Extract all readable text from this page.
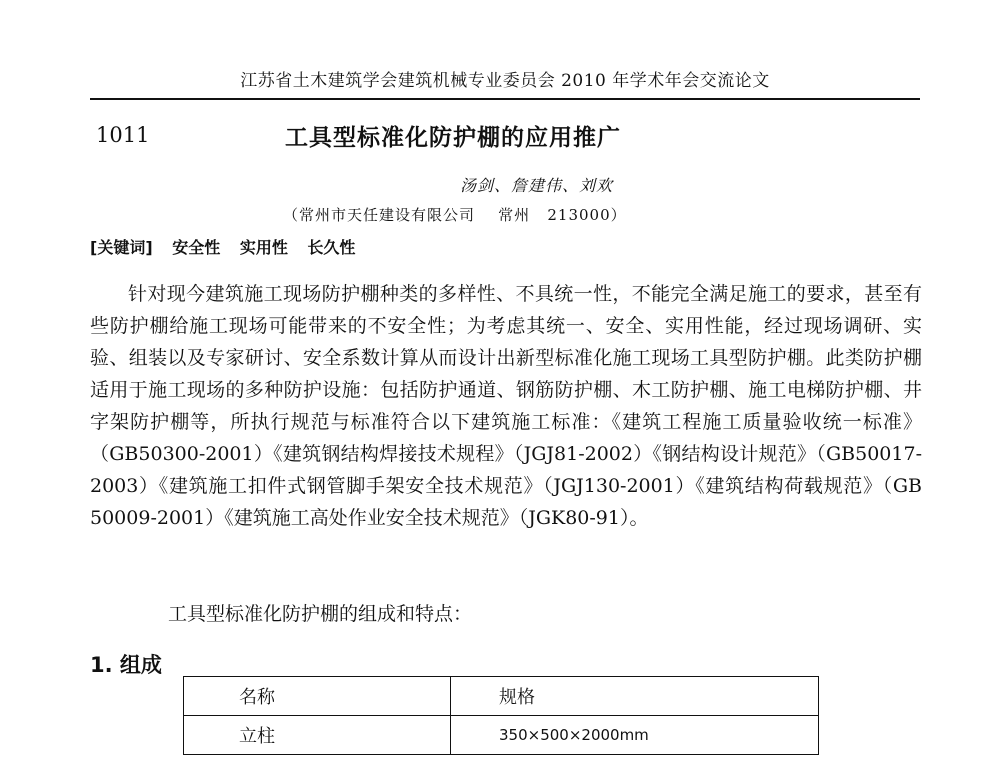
江苏省土木建筑学会建筑机械专业委员会 2010 年学术年会交流论文
1011	工具型标准化防护棚的应用推广
汤剑、詹建伟、刘欢
（常州市天任建设有限公司    常州   213000）
[关键词] 安全性 实用性 长久性
针对现今建筑施工现场防护棚种类的多样性、不具统一性，不能完全满足施工的要求，甚至有些防护棚给施工现场可能带来的不安全性；为考虑其统一、安全、实用性能，经过现场调研、实验、组装以及专家研讨、安全系数计算从而设计出新型标准化施工现场工具型防护棚。此类防护棚适用于施工现场的多种防护设施：包括防护通道、钢筋防护棚、木工防护棚、施工电梯防护棚、井字架防护棚等，所执行规范与标准符合以下建筑施工标准：《建筑工程施工质量验收统一标准》（GB50300-2001）《建筑钢结构焊接技术规程》（JGJ81-2002）《钢结构设计规范》（GB50017-2003）《建筑施工扣件式钢管脚手架安全技术规范》（JGJ130-2001）《建筑结构荷载规范》（GB 50009-2001）《建筑施工高处作业安全技术规范》（JGK80-91）。
工具型标准化防护棚的组成和特点：
1. 组成
名称	规格
立柱	350×500×2000mm
